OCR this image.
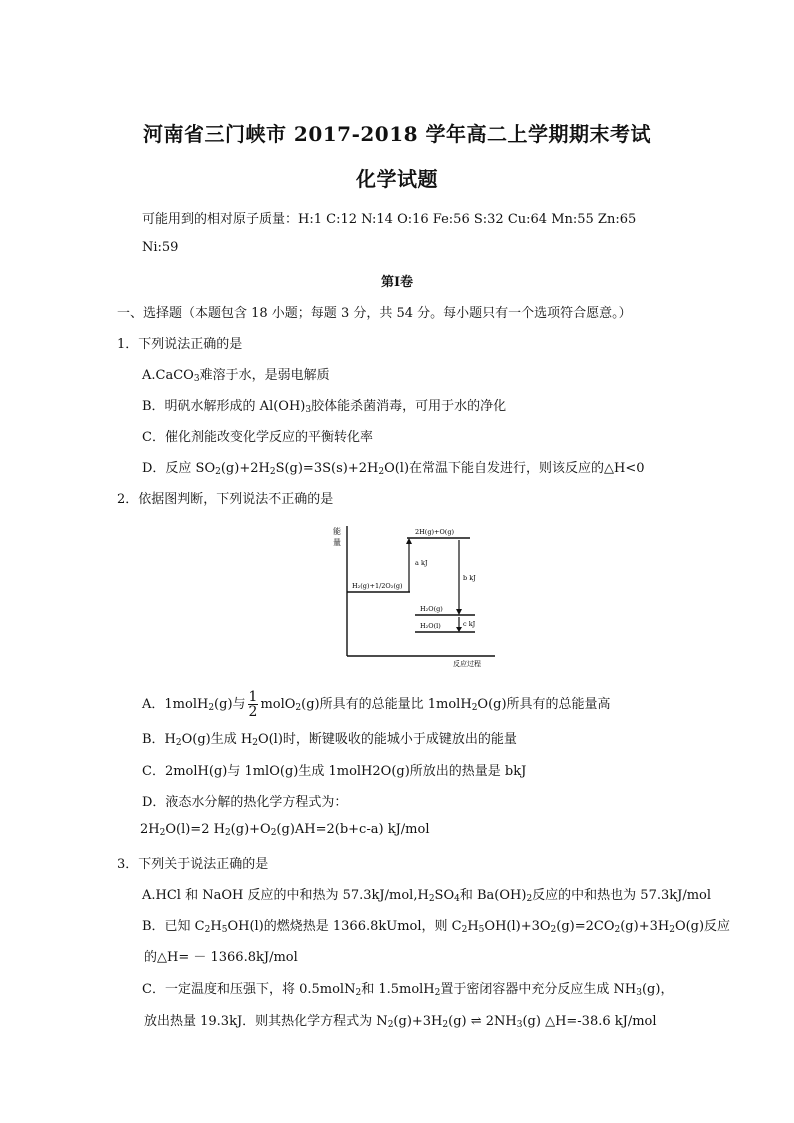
河南省三门峡市 2017-2018 学年高二上学期期末考试
化学试题
可能用到的相对原子质量：H:1 C:12 N:14 O:16 Fe:56 S:32 Cu:64 Mn:55 Zn:65
Ni:59
第Ⅰ卷
一、选择题（本题包含 18 小题；每题 3 分，共 54 分。每小题只有一个选项符合愿意。）
1．下列说法正确的是
A.CaCO$_3$难溶于水，是弱电解质
B．明矾水解形成的 $Al(OH)_3$胶体能杀菌消毒，可用于水的净化
C．催化剂能改变化学反应的平衡转化率
D．反应 $SO_2(g)+2H_2S(g)=3S(s)+2H_2O(l)$在常温下能自发进行，则该反应的△H<0
2．依据图判断，下列说法不正确的是
能
量
反应过程
2H(g)+O(g)
H₂(g)+1/2O₂(g)
H₂O(g)
H₂O(l)
a kJ
b kJ
c kJ
A．1molH$_2$(g)与 $\frac{1}{2}$ molO$_2$(g)所具有的总能量比 1molH$_2$O(g)所具有的总能量高
B．$H_2O(g)$生成 $H_2O(l)$时，断键吸收的能城小于成键放出的能量
C．2molH(g)与 1mlO(g)生成 1molH2O(g)所放出的热量是 bkJ
D．液态水分解的热化学方程式为：
$2H_2O(l)=2$ $H_2(g)+O_2(g)AH=2(b+c-a)$ kJ/mol
3．下列关于说法正确的是
A.HCl 和 NaOH 反应的中和热为 $57.3kJ/mol,H_2SO_4$和 $Ba(OH)_2$反应的中和热也为 57.3kJ/mol
B．已知 $C_2H_5OH(l)$的燃烧热是 1366.8kUmol，则 $C_2H_5OH(l)+3O_2(g)=2CO_2(g)+3H_2O(g)$反应
的△H= － 1366.8kJ/mol
C．一定温度和压强下，将 0.5molN$_2$和 1.5molH$_2$置于密闭容器中充分反应生成 $NH_3(g)$，
放出热量 19.3kJ．则其热化学方程式为 $N_2(g)+3H_2(g)$ ⇌ $2NH_3(g)$ △H=-38.6 kJ/mol
